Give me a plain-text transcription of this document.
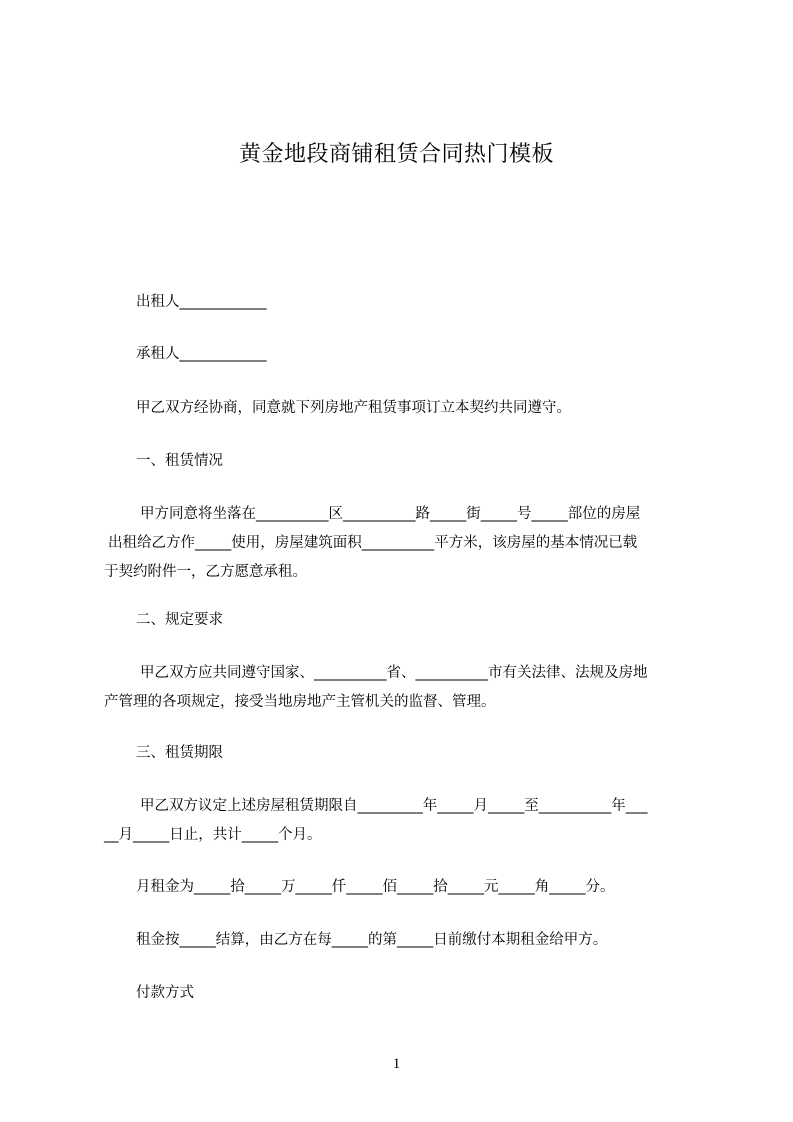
黄金地段商铺租赁合同热门模板
出租人____________
承租人____________
甲乙双方经协商，同意就下列房地产租赁事项订立本契约共同遵守。
一、租赁情况
甲方同意将坐落在__________区__________路_____街_____号_____部位的房屋
出租给乙方作_____使用，房屋建筑面积__________平方米，该房屋的基本情况已载
于契约附件一，乙方愿意承租。
二、规定要求
甲乙双方应共同遵守国家、__________省、__________市有关法律、法规及房地
产管理的各项规定，接受当地房地产主管机关的监督、管理。
三、租赁期限
甲乙双方议定上述房屋租赁期限自_________年_____月_____至__________年___
__月_____日止，共计_____个月。
月租金为_____拾_____万_____仟_____佰_____拾_____元_____角_____分。
租金按_____结算，由乙方在每_____的第_____日前缴付本期租金给甲方。
付款方式
1
